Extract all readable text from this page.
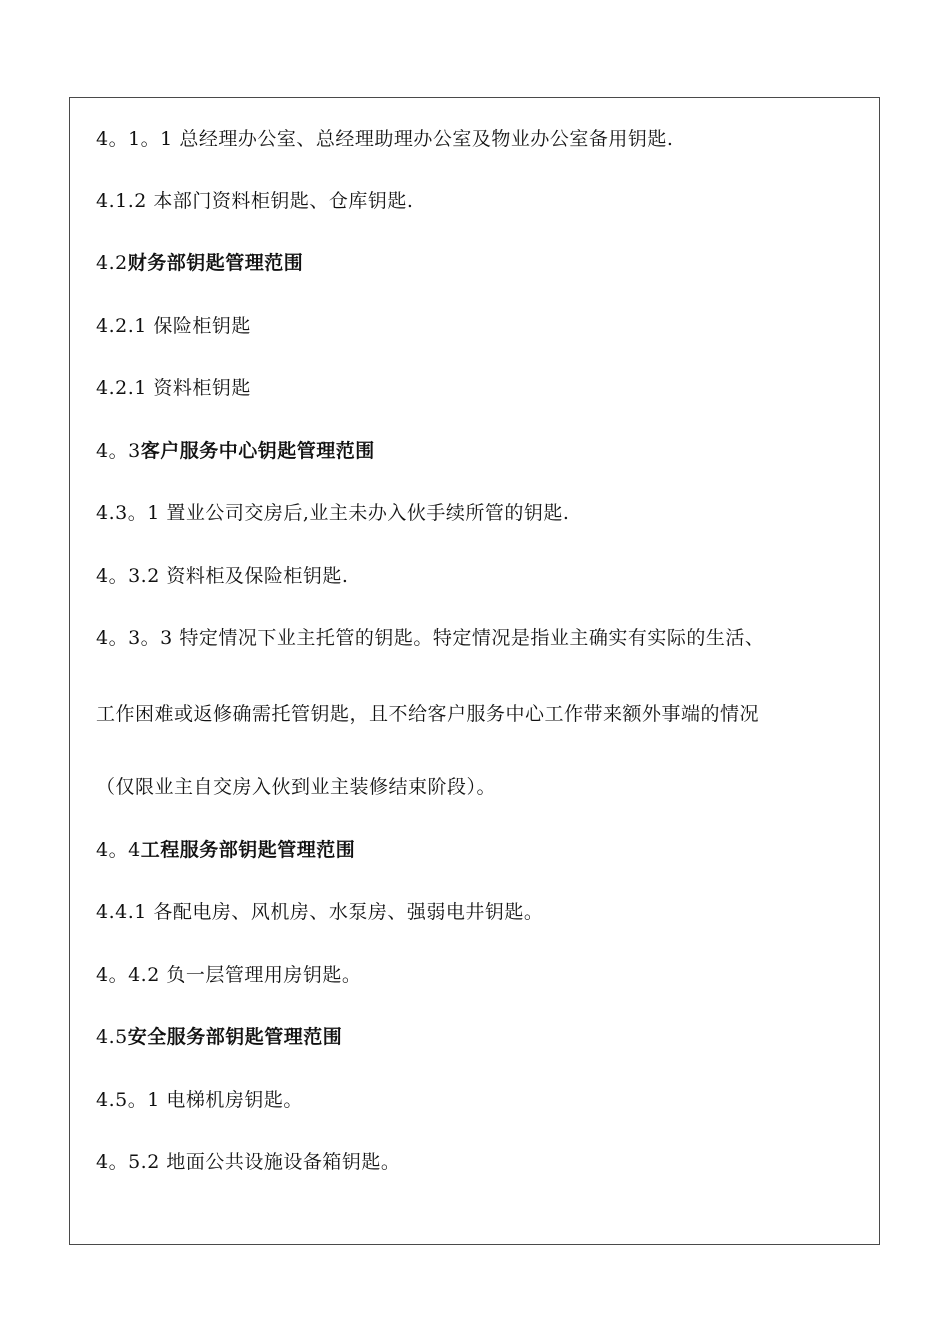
4。1。1 总经理办公室、总经理助理办公室及物业办公室备用钥匙.
4.1.2 本部门资料柜钥匙、仓库钥匙.
4.2财务部钥匙管理范围
4.2.1 保险柜钥匙
4.2.1 资料柜钥匙
4。3客户服务中心钥匙管理范围
4.3。1 置业公司交房后,业主未办入伙手续所管的钥匙.
4。3.2 资料柜及保险柜钥匙.
4。3。3 特定情况下业主托管的钥匙。特定情况是指业主确实有实际的生活、
工作困难或返修确需托管钥匙，且不给客户服务中心工作带来额外事端的情况
（仅限业主自交房入伙到业主装修结束阶段）。
4。4工程服务部钥匙管理范围
4.4.1 各配电房、风机房、水泵房、强弱电井钥匙。
4。4.2 负一层管理用房钥匙。
4.5安全服务部钥匙管理范围
4.5。1 电梯机房钥匙。
4。5.2 地面公共设施设备箱钥匙。
